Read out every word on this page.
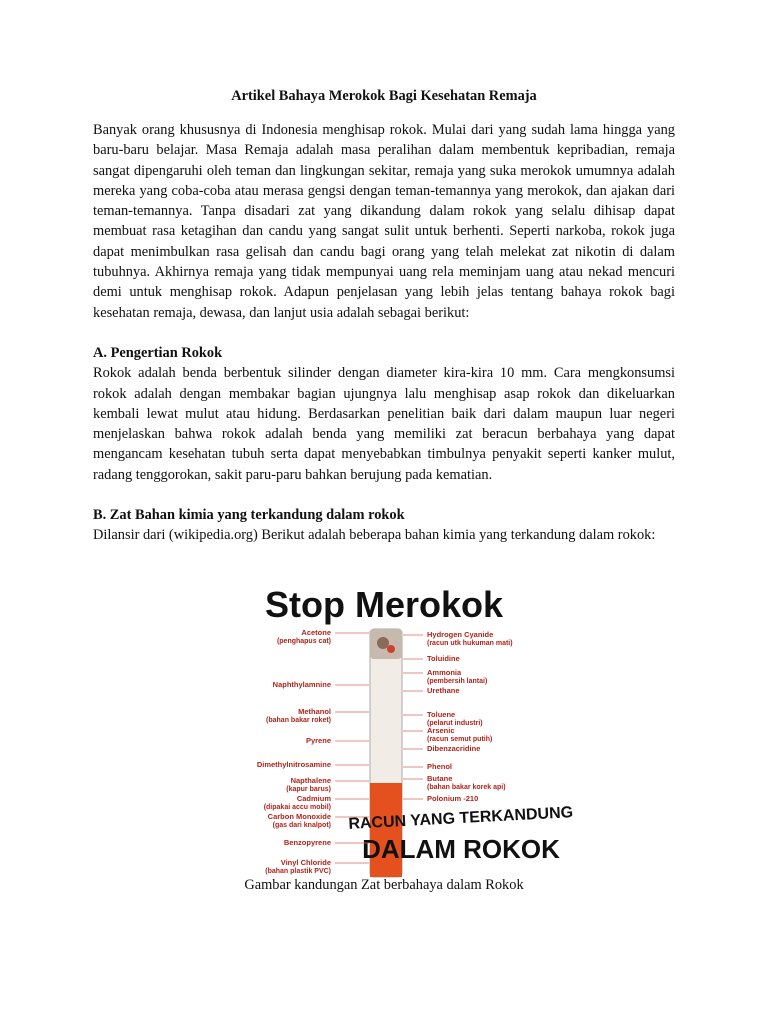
Artikel Bahaya Merokok Bagi Kesehatan Remaja

Banyak orang khususnya di Indonesia menghisap rokok. Mulai dari yang sudah lama hingga yang baru-baru belajar. Masa Remaja adalah masa peralihan dalam membentuk kepribadian, remaja sangat dipengaruhi oleh teman dan lingkungan sekitar, remaja yang suka merokok umumnya adalah mereka yang coba-coba atau merasa gengsi dengan teman-temannya yang merokok, dan ajakan dari teman-temannya. Tanpa disadari zat yang dikandung dalam rokok yang selalu dihisap dapat membuat rasa ketagihan dan candu yang sangat sulit untuk berhenti. Seperti narkoba, rokok juga dapat menimbulkan rasa gelisah dan candu bagi orang yang telah melekat zat nikotin di dalam tubuhnya. Akhirnya remaja yang tidak mempunyai uang rela meminjam uang atau nekad mencuri demi untuk menghisap rokok. Adapun penjelasan yang lebih jelas tentang bahaya rokok bagi kesehatan remaja, dewasa, dan lanjut usia adalah sebagai berikut:

A. Pengertian Rokok

Rokok adalah benda berbentuk silinder dengan diameter kira-kira 10 mm. Cara mengkonsumsi rokok adalah dengan membakar bagian ujungnya lalu menghisap asap rokok dan dikeluarkan kembali lewat mulut atau hidung. Berdasarkan penelitian baik dari dalam maupun luar negeri menjelaskan bahwa rokok adalah benda yang memiliki zat beracun berbahaya yang dapat mengancam kesehatan tubuh serta dapat menyebabkan timbulnya penyakit seperti kanker mulut, radang tenggorokan, sakit paru-paru bahkan berujung pada kematian.

B. Zat Bahan kimia yang terkandung dalam rokok

Dilansir dari (wikipedia.org) Berikut adalah beberapa bahan kimia yang terkandung dalam rokok:

Stop Merokok
RACUN YANG TERKANDUNG
DALAM ROKOK
Acetone
(penghapus cat)
Naphthylamnine
Methanol
(bahan bakar roket)
Pyrene
Dimethylnitrosamine
Napthalene
(kapur barus)
Cadmium
(dipakai accu mobil)
Carbon Monoxide
(gas dari knalpot)
Benzopyrene
Vinyl Chloride
(bahan plastik PVC)
Hydrogen Cyanide
(racun utk hukuman mati)
Toluidine
Ammonia
(pembersih lantai)
Urethane
Toluene
(pelarut industri)
Arsenic
(racun semut putih)
Dibenzacridine
Phenol
Butane
(bahan bakar korek api)
Polonium -210
Gambar kandungan Zat berbahaya dalam Rokok
